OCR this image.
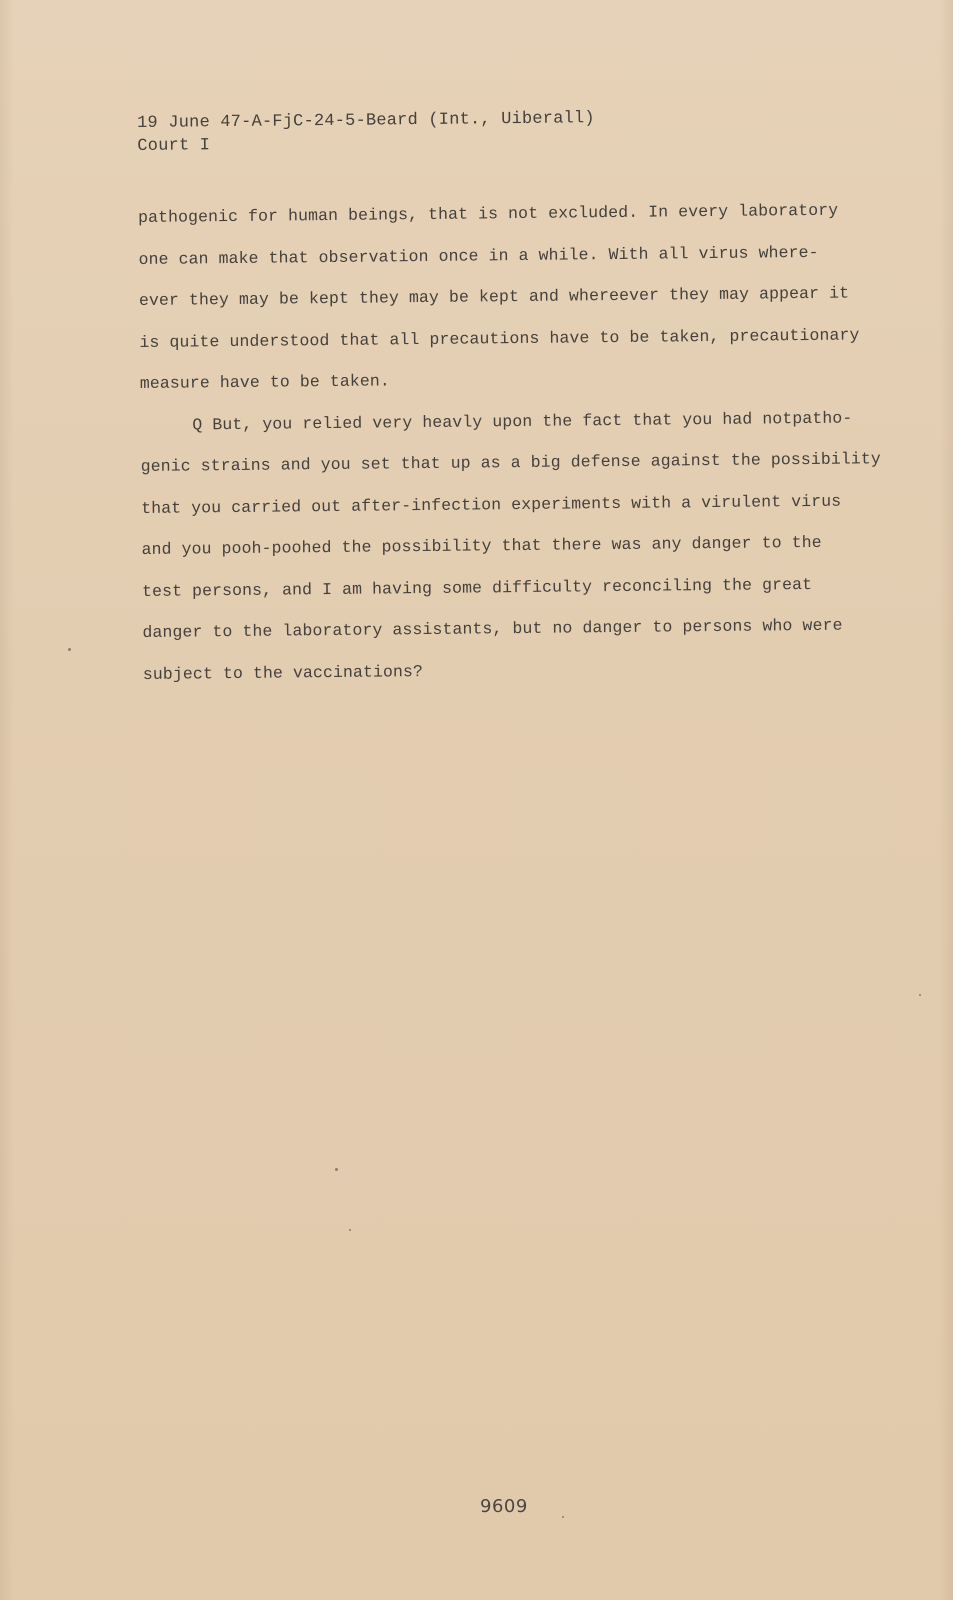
19 June 47-A-FjC-24-5-Beard (Int., Uiberall)
Court I
pathogenic for human beings, that is not excluded. In every laboratory
one can make that observation once in a while. With all virus where-
ever they may be kept they may be kept and whereever they may appear it
is quite understood that all precautions have to be taken, precautionary
measure have to be taken.
Q But, you relied very heavly upon the fact that you had notpatho-
genic strains and you set that up as a big defense against the possibility
that you carried out after-infection experiments with a virulent virus
and you pooh-poohed the possibility that there was any danger to the
test persons, and I am having some difficulty reconciling the great
danger to the laboratory assistants, but no danger to persons who were
subject to the vaccinations?
9609
